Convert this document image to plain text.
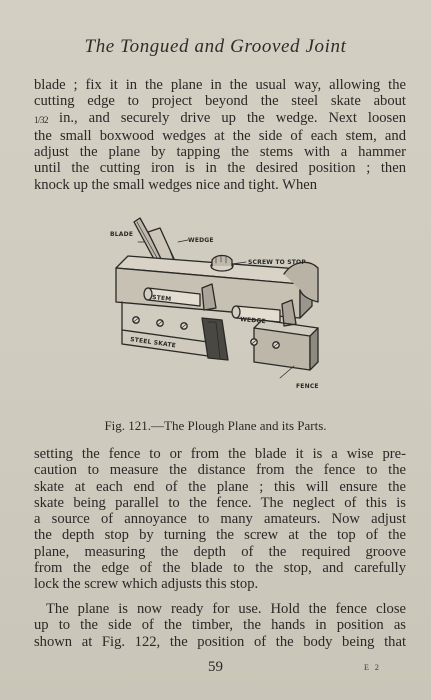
The Tongued and Grooved Joint
blade ; fix it in the plane in the usual way, allowing the
cutting edge to project beyond the steel skate about
1/32 in., and securely drive up the wedge. Next loosen
the small boxwood wedges at the side of each stem, and
adjust the plane by tapping the stems with a hammer
until the cutting iron is in the desired position ; then
knock up the small wedges nice and tight. When
BLADE
WEDGE
SCREW TO STOP
STEM
WEDGE
STEEL SKATE
FENCE
Fig. 121.—The Plough Plane and its Parts.
setting the fence to or from the blade it is a wise pre-
caution to measure the distance from the fence to the
skate at each end of the plane ; this will ensure the
skate being parallel to the fence. The neglect of this is
a source of annoyance to many amateurs. Now adjust
the depth stop by turning the screw at the top of the
plane, measuring the depth of the required groove
from the edge of the blade to the stop, and carefully
lock the screw which adjusts this stop.
The plane is now ready for use. Hold the fence close
up to the side of the timber, the hands in position as
shown at Fig. 122, the position of the body being that
59	E 2
